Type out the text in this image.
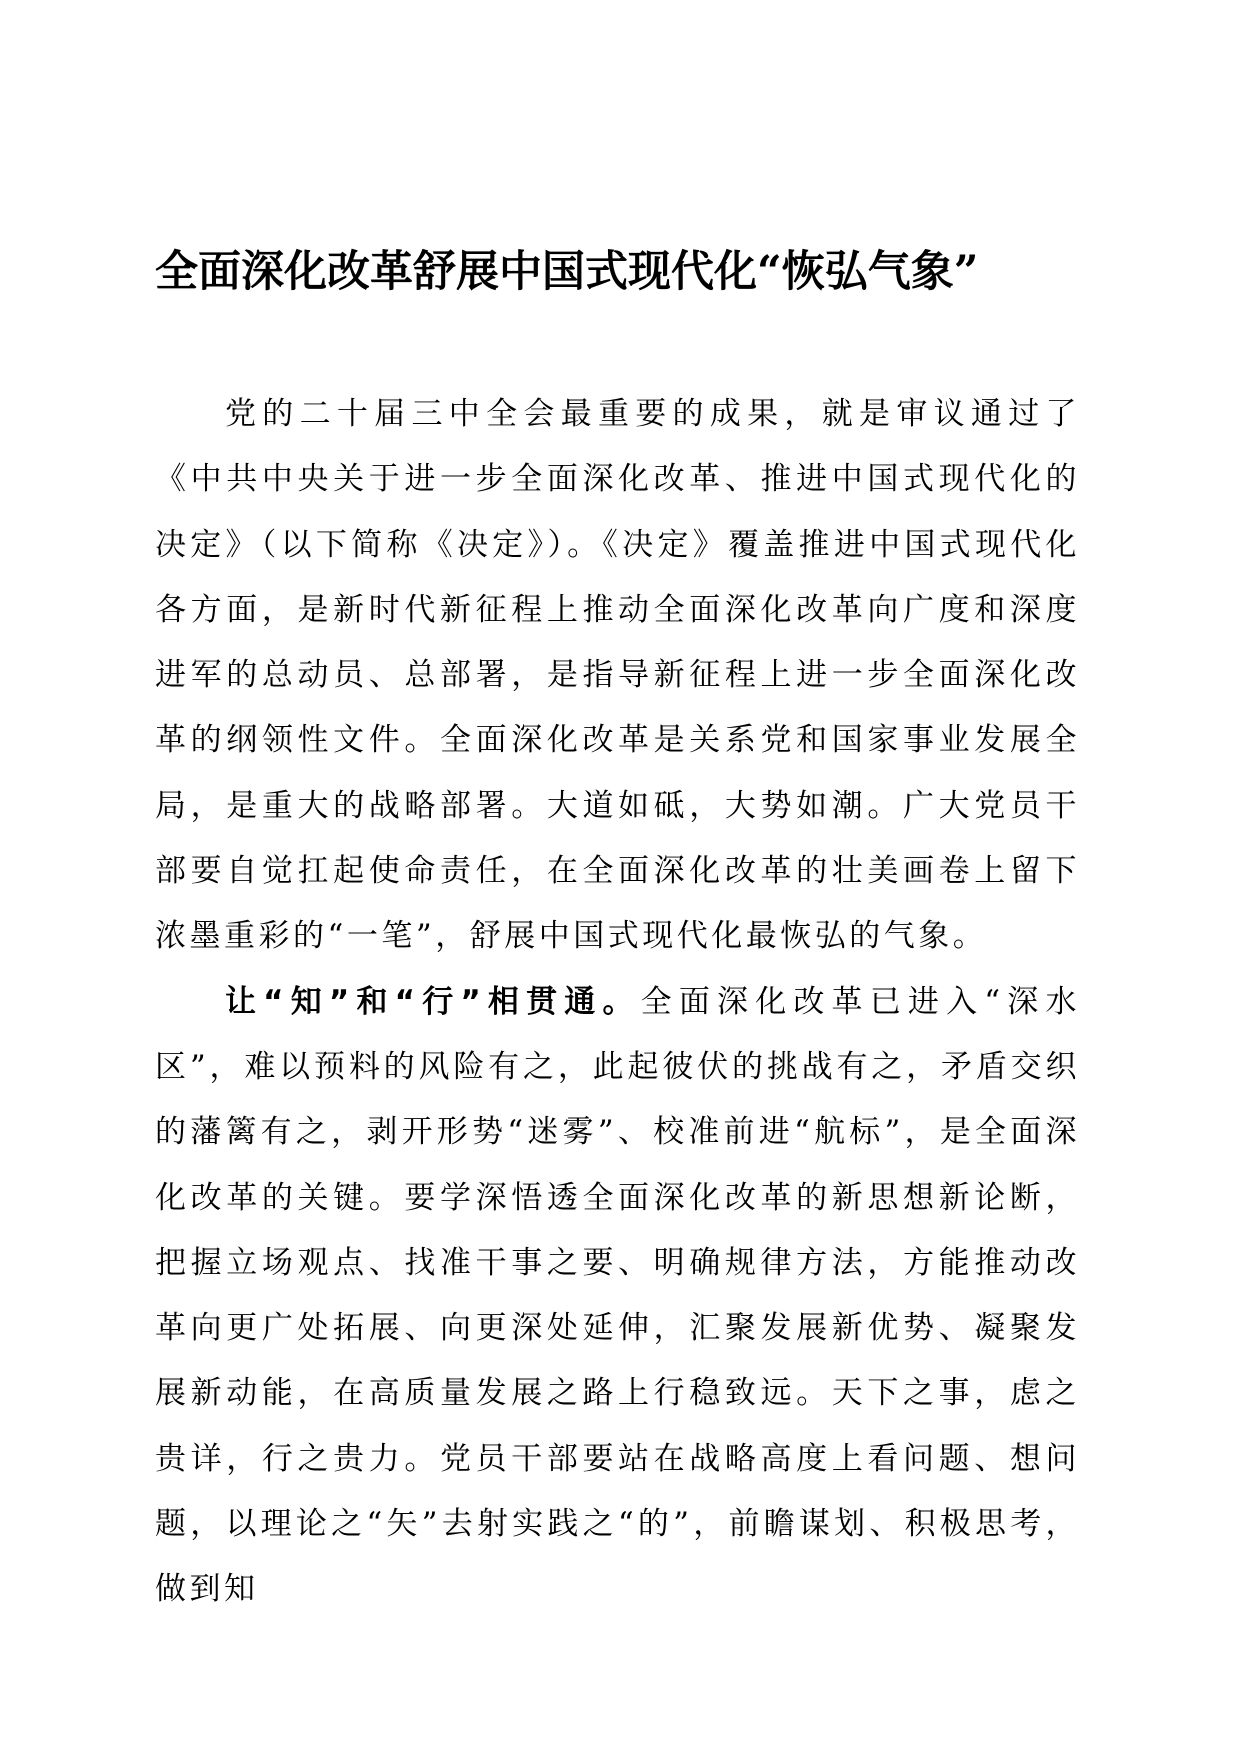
全面深化改革舒展中国式现代化“恢弘气象”

党的二十届三中全会最重要的成果，就是审议通过了《中共中央关于进一步全面深化改革、推进中国式现代化的决定》（以下简称《决定》）。《决定》覆盖推进中国式现代化各方面，是新时代新征程上推动全面深化改革向广度和深度进军的总动员、总部署，是指导新征程上进一步全面深化改革的纲领性文件。全面深化改革是关系党和国家事业发展全局，是重大的战略部署。大道如砥，大势如潮。广大党员干部要自觉扛起使命责任，在全面深化改革的壮美画卷上留下浓墨重彩的“一笔”，舒展中国式现代化最恢弘的气象。

让“知”和“行”相贯通。全面深化改革已进入“深水区”，难以预料的风险有之，此起彼伏的挑战有之，矛盾交织的藩篱有之，剥开形势“迷雾”、校准前进“航标”，是全面深化改革的关键。要学深悟透全面深化改革的新思想新论断，把握立场观点、找准干事之要、明确规律方法，方能推动改革向更广处拓展、向更深处延伸，汇聚发展新优势、凝聚发展新动能，在高质量发展之路上行稳致远。天下之事，虑之贵详，行之贵力。党员干部要站在战略高度上看问题、想问题，以理论之“矢”去射实践之“的”，前瞻谋划、积极思考，做到知
